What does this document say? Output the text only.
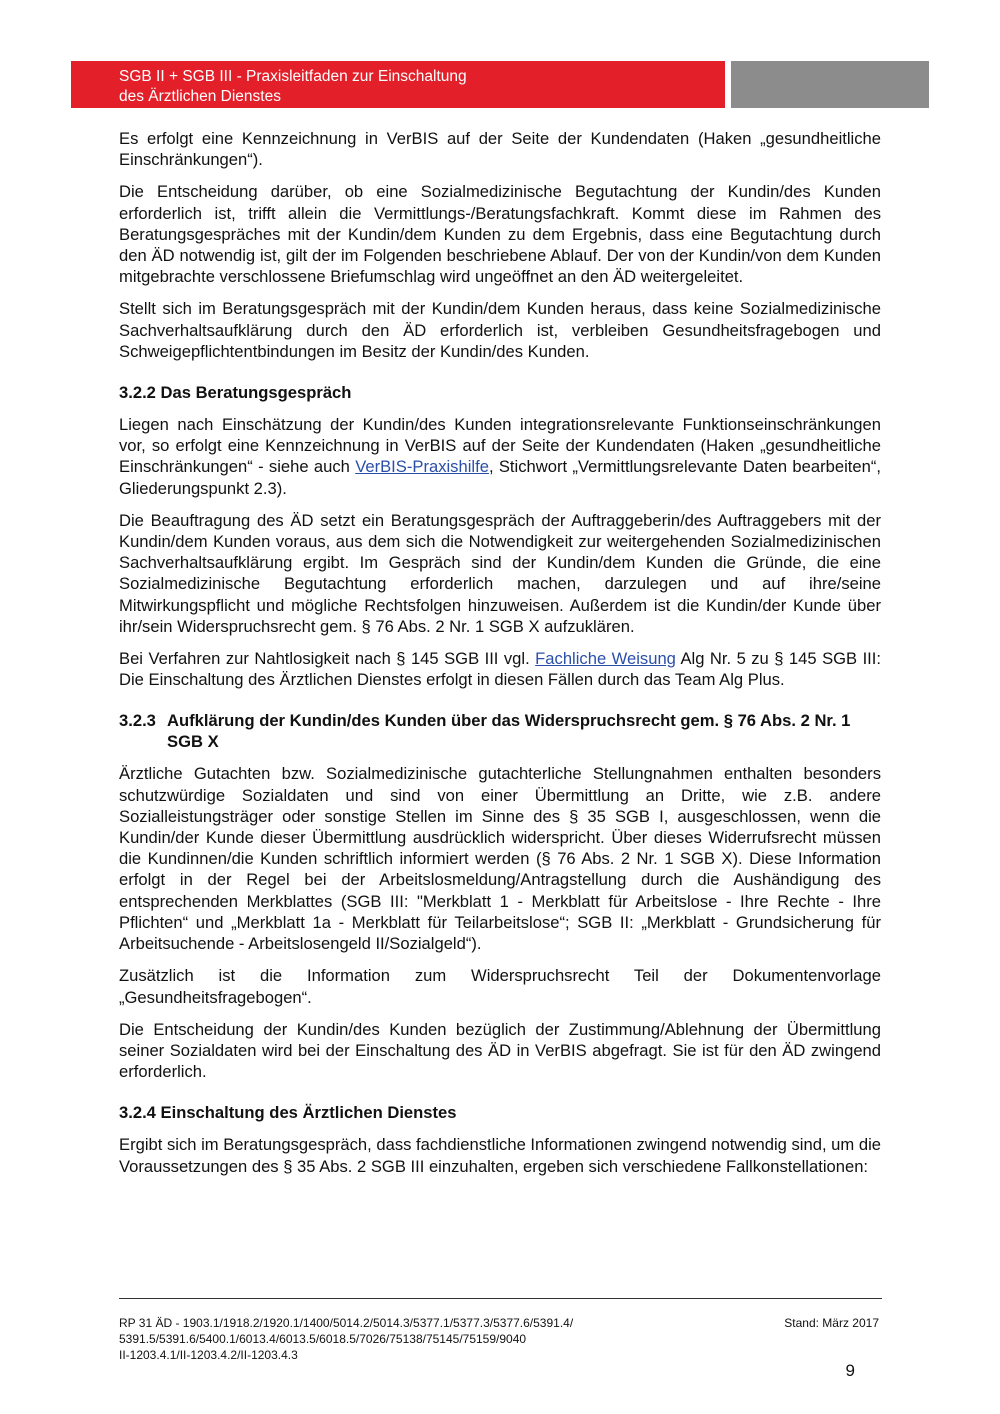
SGB II + SGB III - Praxisleitfaden zur Einschaltung
des Ärztlichen Dienstes

Es erfolgt eine Kennzeichnung in VerBIS auf der Seite der Kundendaten (Haken „gesundheitliche Einschränkungen“).

Die Entscheidung darüber, ob eine Sozialmedizinische Begutachtung der Kundin/des Kunden erforderlich ist, trifft allein die Vermittlungs-/Beratungsfachkraft. Kommt diese im Rahmen des Beratungsgespräches mit der Kundin/dem Kunden zu dem Ergebnis, dass eine Begutachtung durch den ÄD notwendig ist, gilt der im Folgenden beschriebene Ablauf. Der von der Kundin/von dem Kunden mitgebrachte verschlossene Briefumschlag wird ungeöffnet an den ÄD weitergeleitet.

Stellt sich im Beratungsgespräch mit der Kundin/dem Kunden heraus, dass keine Sozialmedizinische Sachverhaltsaufklärung durch den ÄD erforderlich ist, verbleiben Gesundheitsfragebogen und Schweigepflichtentbindungen im Besitz der Kundin/des Kunden.

3.2.2 Das Beratungsgespräch

Liegen nach Einschätzung der Kundin/des Kunden integrationsrelevante Funktionseinschränkungen vor, so erfolgt eine Kennzeichnung in VerBIS auf der Seite der Kundendaten (Haken „gesundheitliche Einschränkungen“ - siehe auch VerBIS-Praxishilfe, Stichwort „Vermittlungsrelevante Daten bearbeiten“, Gliederungspunkt 2.3).

Die Beauftragung des ÄD setzt ein Beratungsgespräch der Auftraggeberin/des Auftraggebers mit der Kundin/dem Kunden voraus, aus dem sich die Notwendigkeit zur weitergehenden Sozialmedizinischen Sachverhaltsaufklärung ergibt. Im Gespräch sind der Kundin/dem Kunden die Gründe, die eine Sozialmedizinische Begutachtung erforderlich machen, darzulegen und auf ihre/seine Mitwirkungspflicht und mögliche Rechtsfolgen hinzuweisen. Außerdem ist die Kundin/der Kunde über ihr/sein Widerspruchsrecht gem. § 76 Abs. 2 Nr. 1 SGB X aufzuklären.

Bei Verfahren zur Nahtlosigkeit nach § 145 SGB III vgl. Fachliche Weisung Alg Nr. 5 zu § 145 SGB III: Die Einschaltung des Ärztlichen Dienstes erfolgt in diesen Fällen durch das Team Alg Plus.

3.2.3 Aufklärung der Kundin/des Kunden über das Widerspruchsrecht gem. § 76 Abs. 2 Nr. 1 SGB X

Ärztliche Gutachten bzw. Sozialmedizinische gutachterliche Stellungnahmen enthalten besonders schutzwürdige Sozialdaten und sind von einer Übermittlung an Dritte, wie z.B. andere Sozialleistungsträger oder sonstige Stellen im Sinne des § 35 SGB I, ausgeschlossen, wenn die Kundin/der Kunde dieser Übermittlung ausdrücklich widerspricht. Über dieses Widerrufsrecht müssen die Kundinnen/die Kunden schriftlich informiert werden (§ 76 Abs. 2 Nr. 1 SGB X). Diese Information erfolgt in der Regel bei der Arbeitslosmeldung/Antragstellung durch die Aushändigung des entsprechenden Merkblattes (SGB III: "Merkblatt 1 - Merkblatt für Arbeitslose - Ihre Rechte - Ihre Pflichten“ und „Merkblatt 1a - Merkblatt für Teilarbeitslose“; SGB II: „Merkblatt - Grundsicherung für Arbeitsuchende - Arbeitslosengeld II/Sozialgeld“).

Zusätzlich ist die Information zum Widerspruchsrecht Teil der Dokumentenvorlage „Gesundheitsfragebogen“.

Die Entscheidung der Kundin/des Kunden bezüglich der Zustimmung/Ablehnung der Übermittlung seiner Sozialdaten wird bei der Einschaltung des ÄD in VerBIS abgefragt. Sie ist für den ÄD zwingend erforderlich.

3.2.4 Einschaltung des Ärztlichen Dienstes

Ergibt sich im Beratungsgespräch, dass fachdienstliche Informationen zwingend notwendig sind, um die Voraussetzungen des § 35 Abs. 2 SGB III einzuhalten, ergeben sich verschiedene Fallkonstellationen:

RP 31 ÄD - 1903.1/1918.2/1920.1/1400/5014.2/5014.3/5377.1/5377.3/5377.6/5391.4/
5391.5/5391.6/5400.1/6013.4/6013.5/6018.5/7026/75138/75145/75159/9040
II-1203.4.1/II-1203.4.2/II-1203.4.3
Stand: März 2017
9
